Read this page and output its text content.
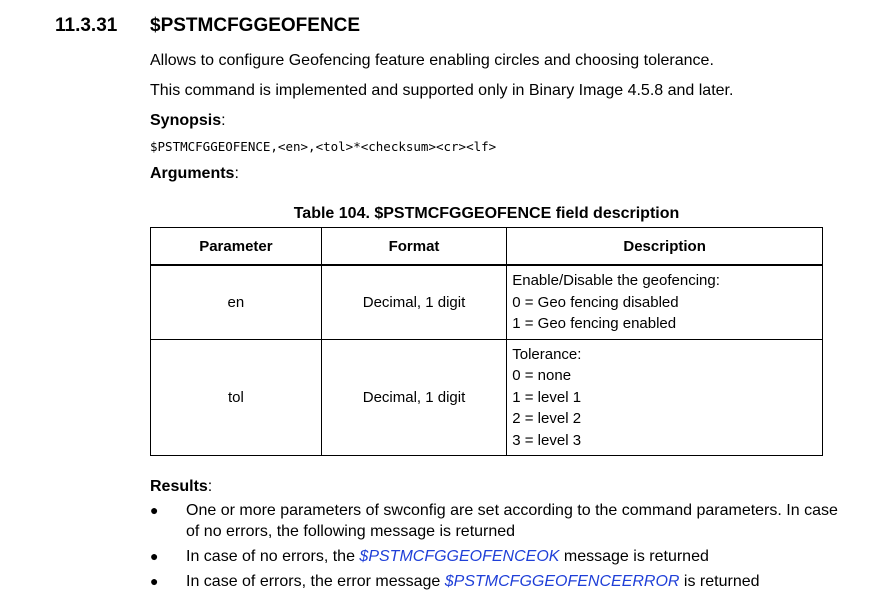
11.3.31 $PSTMCFGGEOFENCE
Allows to configure Geofencing feature enabling circles and choosing tolerance.
This command is implemented and supported only in Binary Image 4.5.8 and later.
Synopsis:
$PSTMCFGGEOFENCE,<en>,<tol>*<checksum><cr><lf>
Arguments:
Table 104. $PSTMCFGGEOFENCE field description
Parameter	Format	Description
en	Decimal, 1 digit	Enable/Disable the geofencing:
0 = Geo fencing disabled
1 = Geo fencing enabled

tol	Decimal, 1 digit	Tolerance:
0 = none
1 = level 1
2 = level 2
3 = level 3
Results:
● One or more parameters of swconfig are set according to the command parameters. In case of no errors, the following message is returned
● In case of no errors, the $PSTMCFGGEOFENCEOK message is returned
● In case of errors, the error message $PSTMCFGGEOFENCEERROR is returned
